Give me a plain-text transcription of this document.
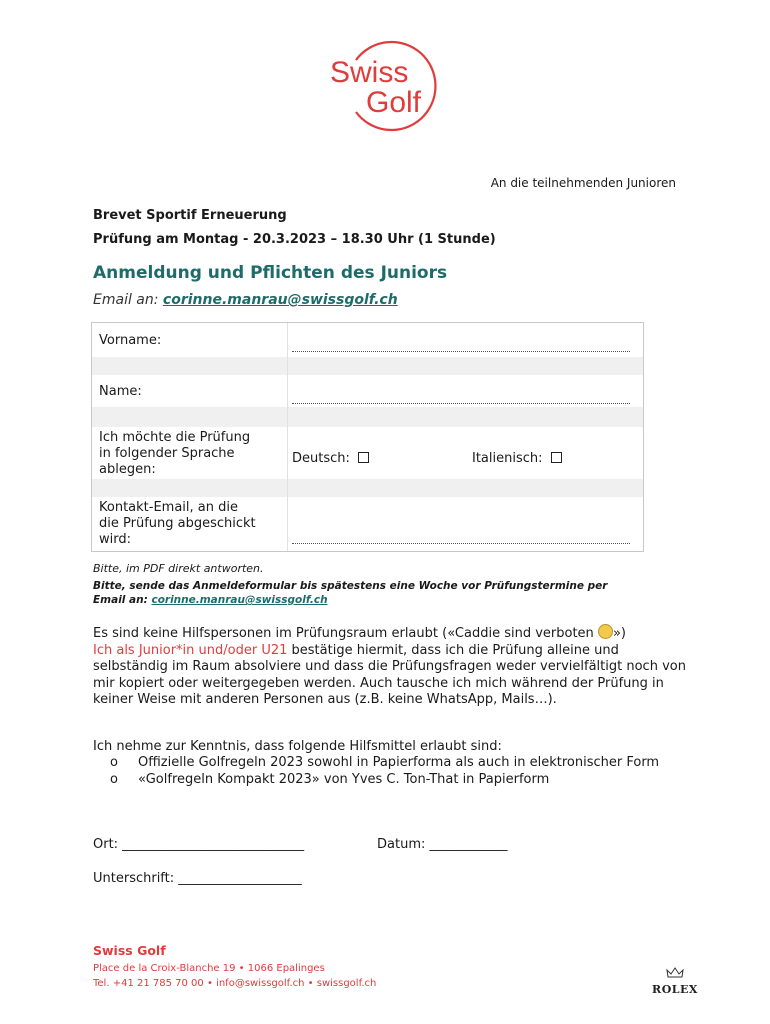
Swiss
Golf
An die teilnehmenden Junioren
Brevet Sportif Erneuerung
Prüfung am Montag - 20.3.2023 – 18.30 Uhr (1 Stunde)
Anmeldung und Pflichten des Juniors
Email an: corinne.manrau@swissgolf.ch
Vorname:
Name:
Ich möchte die Prüfung
in folgender Sprache
ablegen:
Deutsch:	Italienisch:
Kontakt-Email, an die
die Prüfung abgeschickt
wird:
Bitte, im PDF direkt antworten.
Bitte, sende das Anmeldeformular bis spätestens eine Woche vor Prüfungstermine per
Email an: corinne.manrau@swissgolf.ch
Es sind keine Hilfspersonen im Prüfungsraum erlaubt («Caddie sind verboten »)
Ich als Junior*in und/oder U21 bestätige hiermit, dass ich die Prüfung alleine und selbständig im Raum absolviere und dass die Prüfungsfragen weder vervielfältigt noch von mir kopiert oder weitergegeben werden. Auch tausche ich mich während der Prüfung in keiner Weise mit anderen Personen aus (z.B. keine WhatsApp, Mails…).
Ich nehme zur Kenntnis, dass folgende Hilfsmittel erlaubt sind:
o Offizielle Golfregeln 2023 sowohl in Papierforma als auch in elektronischer Form
o «Golfregeln Kompakt 2023» von Yves C. Ton-That in Papierform
Ort: ____________________________	Datum: ____________
Unterschrift: ___________________
Swiss Golf
Place de la Croix-Blanche 19 • 1066 Epalinges
Tel. +41 21 785 70 00 • info@swissgolf.ch • swissgolf.ch	ROLEX
